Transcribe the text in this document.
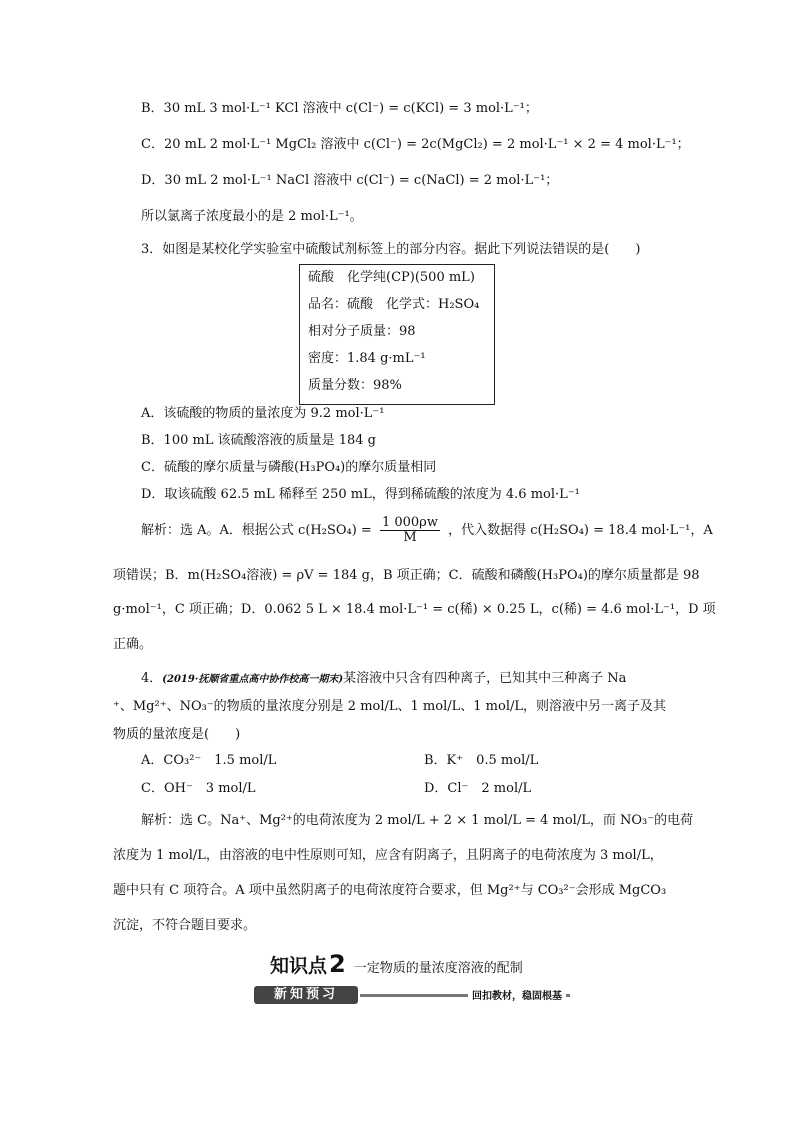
B．30 mL 3 mol·L⁻¹ KCl 溶液中 c(Cl⁻) = c(KCl) = 3 mol·L⁻¹；
C．20 mL 2 mol·L⁻¹ MgCl₂ 溶液中 c(Cl⁻) = 2c(MgCl₂) = 2 mol·L⁻¹ × 2 = 4 mol·L⁻¹；
D．30 mL 2 mol·L⁻¹ NaCl 溶液中 c(Cl⁻) = c(NaCl) = 2 mol·L⁻¹；
所以氯离子浓度最小的是 2 mol·L⁻¹。
3．如图是某校化学实验室中硫酸试剂标签上的部分内容。据此下列说法错误的是(　　)
硫酸　化学纯(CP)(500 mL)
品名：硫酸　化学式：H₂SO₄
相对分子质量：98
密度：1.84 g·mL⁻¹
质量分数：98%
A．该硫酸的物质的量浓度为 9.2 mol·L⁻¹
B．100 mL 该硫酸溶液的质量是 184 g
C．硫酸的摩尔质量与磷酸(H₃PO₄)的摩尔质量相同
D．取该硫酸 62.5 mL 稀释至 250 mL，得到稀硫酸的浓度为 4.6 mol·L⁻¹
解析：选 A。A．根据公式 $c(H_2SO_4) = \frac{1 000\rho w}{M}$ ，代入数据得 c(H₂SO₄) = 18.4 mol·L⁻¹，A
项错误；B．m(H₂SO₄溶液) = ρV = 184 g，B 项正确；C．硫酸和磷酸(H₃PO₄)的摩尔质量都是 98
g·mol⁻¹，C 项正确；D．0.062 5 L × 18.4 mol·L⁻¹ = c(稀) × 0.25 L，c(稀) = 4.6 mol·L⁻¹，D 项
正确。
4．(2019·抚顺省重点高中协作校高一期末)某溶液中只含有四种离子，已知其中三种离子 Na
⁺、Mg²⁺、NO₃⁻的物质的量浓度分别是 2 mol/L、1 mol/L、1 mol/L，则溶液中另一离子及其
物质的量浓度是(　　)
A．CO₃²⁻　1.5 mol/L	B．K⁺　0.5 mol/L
C．OH⁻　3 mol/L	D．Cl⁻　2 mol/L
解析：选 C。Na⁺、Mg²⁺的电荷浓度为 2 mol/L + 2 × 1 mol/L = 4 mol/L，而 NO₃⁻的电荷
浓度为 1 mol/L，由溶液的电中性原则可知，应含有阴离子，且阴离子的电荷浓度为 3 mol/L，
题中只有 C 项符合。A 项中虽然阴离子的电荷浓度符合要求，但 Mg²⁺与 CO₃²⁻会形成 MgCO₃
沉淀，不符合题目要求。
知识点2 一定物质的量浓度溶液的配制
新知预习	回扣教材，稳固根基
